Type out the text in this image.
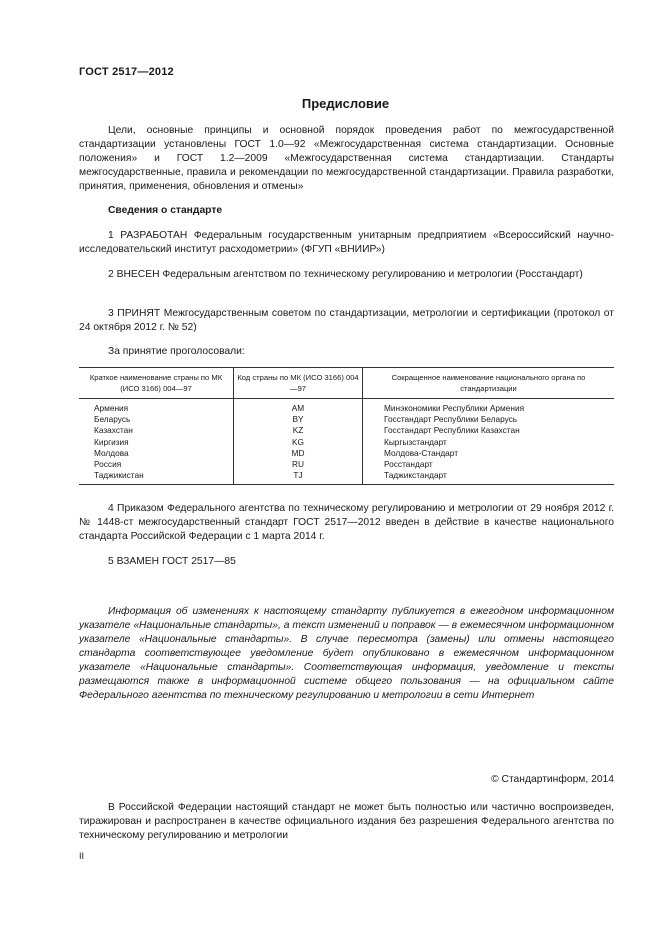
ГОСТ 2517—2012
Предисловие
Цели, основные принципы и основной порядок проведения работ по межгосударственной стандартизации установлены ГОСТ 1.0—92 «Межгосударственная система стандартизации. Основные положения» и ГОСТ 1.2—2009 «Межгосударственная система стандартизации. Стандарты межгосударственные, правила и рекомендации по межгосударственной стандартизации. Правила разработки, принятия, применения, обновления и отмены»
Сведения о стандарте
1 РАЗРАБОТАН Федеральным государственным унитарным предприятием «Всероссийский научно-исследовательский институт расходометрии» (ФГУП «ВНИИР»)
2 ВНЕСЕН Федеральным агентством по техническому регулированию и метрологии (Росстандарт)
3 ПРИНЯТ Межгосударственным советом по стандартизации, метрологии и сертификации (протокол от 24 октября 2012 г. № 52)
За принятие проголосовали:
Краткое наименование страны по МК (ИСО 3166) 004—97	Код страны по МК (ИСО 3166) 004—97	Сокращенное наименование национального органа по стандартизации
Армения	AM	Минэкономики Республики Армения
Беларусь	BY	Госстандарт Республики Беларусь
Казахстан	KZ	Госстандарт Республики Казахстан
Киргизия	KG	Кыргызстандарт
Молдова	MD	Молдова-Стандарт
Россия	RU	Росстандарт
Таджикистан	TJ	Таджикстандарт
4 Приказом Федерального агентства по техническому регулированию и метрологии от 29 ноября 2012 г. № 1448-ст межгосударственный стандарт ГОСТ 2517—2012 введен в действие в качестве национального стандарта Российской Федерации с 1 марта 2014 г.
5 ВЗАМЕН ГОСТ 2517—85
Информация об изменениях к настоящему стандарту публикуется в ежегодном информационном указателе «Национальные стандарты», а текст изменений и поправок — в ежемесячном информационном указателе «Национальные стандарты». В случае пересмотра (замены) или отмены настоящего стандарта соответствующее уведомление будет опубликовано в ежемесячном информационном указателе «Национальные стандарты». Соответствующая информация, уведомление и тексты размещаются также в информационной системе общего пользования — на официальном сайте Федерального агентства по техническому регулированию и метрологии в сети Интернет
© Стандартинформ, 2014
В Российской Федерации настоящий стандарт не может быть полностью или частично воспроизведен, тиражирован и распространен в качестве официального издания без разрешения Федерального агентства по техническому регулированию и метрологии
II
